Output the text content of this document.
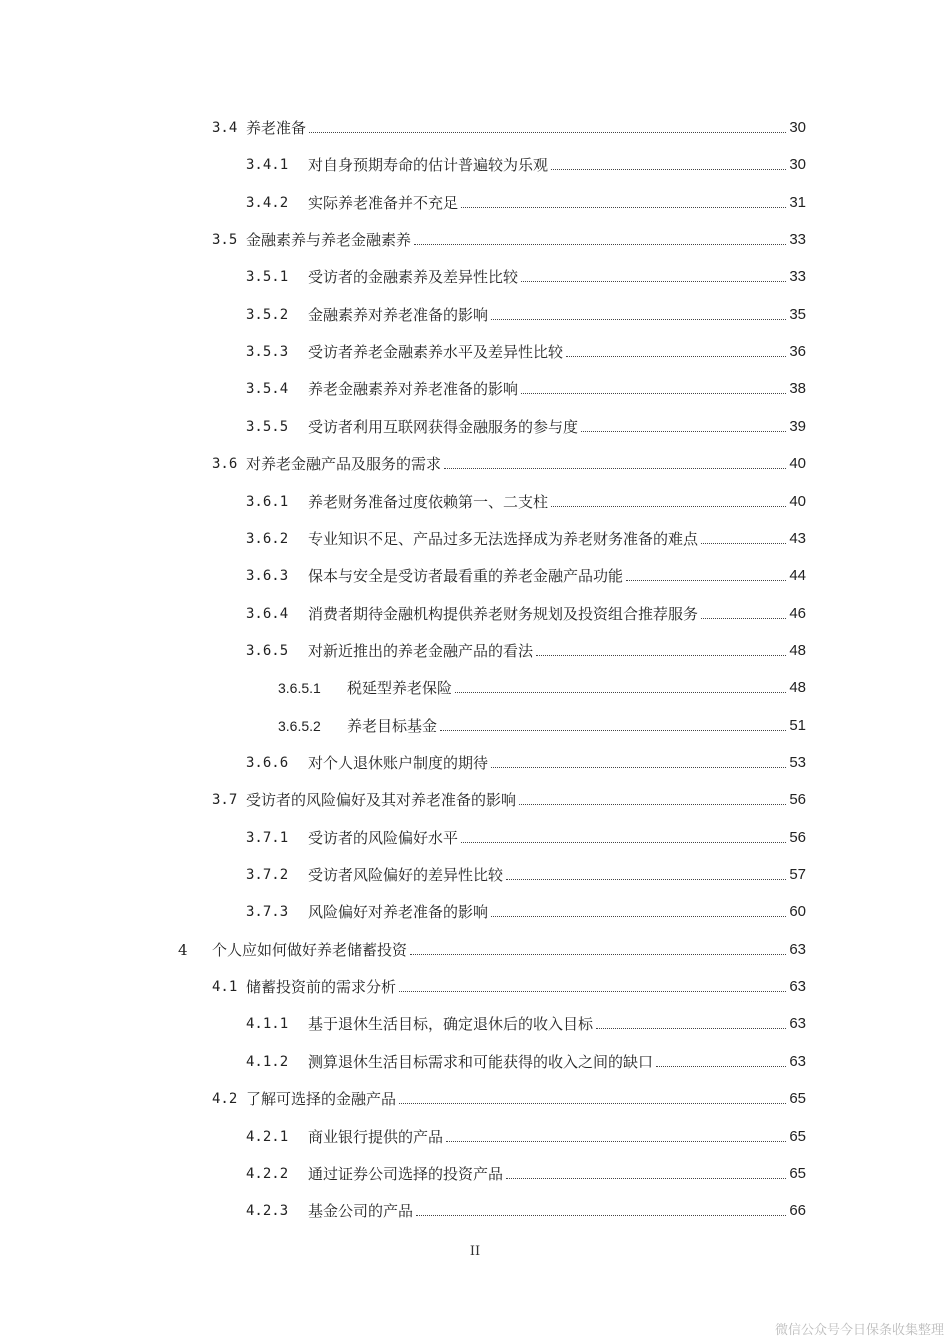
3.4 养老准备	30
3.4.1	对自身预期寿命的估计普遍较为乐观	30
3.4.2	实际养老准备并不充足	31
3.5 金融素养与养老金融素养	33
3.5.1	受访者的金融素养及差异性比较	33
3.5.2	金融素养对养老准备的影响	35
3.5.3	受访者养老金融素养水平及差异性比较	36
3.5.4	养老金融素养对养老准备的影响	38
3.5.5	受访者利用互联网获得金融服务的参与度	39
3.6 对养老金融产品及服务的需求	40
3.6.1	养老财务准备过度依赖第一、二支柱	40
3.6.2	专业知识不足、产品过多无法选择成为养老财务准备的难点	43
3.6.3	保本与安全是受访者最看重的养老金融产品功能	44
3.6.4	消费者期待金融机构提供养老财务规划及投资组合推荐服务	46
3.6.5	对新近推出的养老金融产品的看法	48
3.6.5.1	税延型养老保险	48
3.6.5.2	养老目标基金	51
3.6.6	对个人退休账户制度的期待	53
3.7 受访者的风险偏好及其对养老准备的影响	56
3.7.1	受访者的风险偏好水平	56
3.7.2	受访者风险偏好的差异性比较	57
3.7.3	风险偏好对养老准备的影响	60
4	个人应如何做好养老储蓄投资	63
4.1 储蓄投资前的需求分析	63
4.1.1	基于退休生活目标，确定退休后的收入目标	63
4.1.2	测算退休生活目标需求和可能获得的收入之间的缺口	63
4.2 了解可选择的金融产品	65
4.2.1	商业银行提供的产品	65
4.2.2	通过证券公司选择的投资产品	65
4.2.3	基金公司的产品	66
II
微信公众号今日保条收集整理
